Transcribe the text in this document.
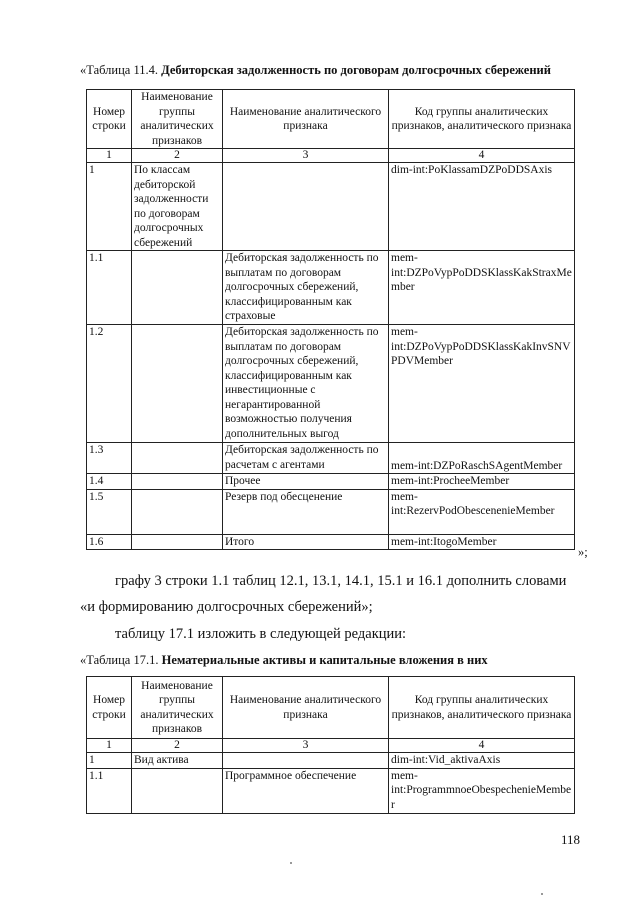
«Таблица 11.4. Дебиторская задолженность по договорам долгосрочных сбережений
Номер строки	Наименование группы аналитических признаков	Наименование аналитического признака	Код группы аналитических признаков, аналитического признака
1	2	3	4
1	По классам дебиторской задолженности по договорам долгосрочных сбережений		dim-int:PoKlassamDZPoDDSAxis
1.1		Дебиторская задолженность по выплатам по договорам долгосрочных сбережений, классифицированным как страховые	mem-int:DZPoVypPoDDSKlassKakStraxMember
1.2		Дебиторская задолженность по выплатам по договорам долгосрочных сбережений, классифицированным как инвестиционные с негарантированной возможностью получения дополнительных выгод	mem-int:DZPoVypPoDDSKlassKakInvSNVPDVMember
1.3		Дебиторская задолженность по расчетам с агентами	mem-int:DZPoRaschSAgentMember
1.4		Прочее	mem-int:ProcheeMember
1.5		Резерв под обесценение	mem-int:RezervPodObescenenieMember
1.6		Итого	mem-int:ItogoMember
»;
графу 3 строки 1.1 таблиц 12.1, 13.1, 14.1, 15.1 и 16.1 дополнить словами
«и формированию долгосрочных сбережений»;
таблицу 17.1 изложить в следующей редакции:
«Таблица 17.1. Нематериальные активы и капитальные вложения в них
Номер строки	Наименование группы аналитических признаков	Наименование аналитического признака	Код группы аналитических признаков, аналитического признака
1	2	3	4
1	Вид актива		dim-int:Vid_aktivaAxis
1.1		Программное обеспечение	mem-int:ProgrammnoeObespechenieMember
118
